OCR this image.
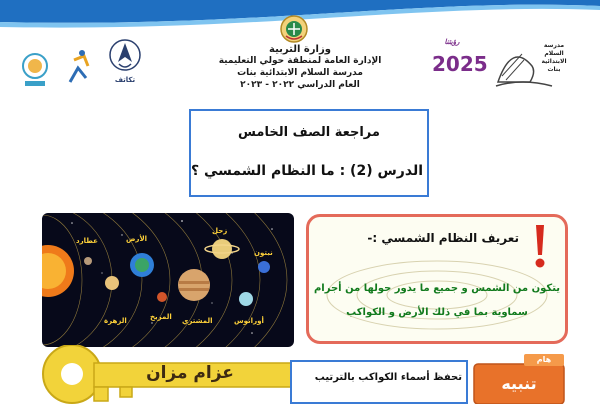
وزارة التربية
الإدارة العامة لمنطقة حولي التعليمية
مدرسة السلام الابتدائية بنات
العام الدراسي ٢٠٢٢ - ٢٠٢٣
تكاتف
رؤيتنا
2025
مدرسة السلام الابتدائية بنات
مراجعة الصف الخامس
الدرس (2) : ما النظام الشمسي ؟
عطارد	الأرض
المريخ
زحل
نبتون
الزهرة	المشتري	أورانوس
تعريف النظام الشمسي :-
يتكون من الشمس و جميع ما يدور حولها من أجرام
سماوية بما في ذلك الأرض و الكواكب
عزام مزان	تحفظ أسماء الكواكب بالترتيب
هام
تنبيه
